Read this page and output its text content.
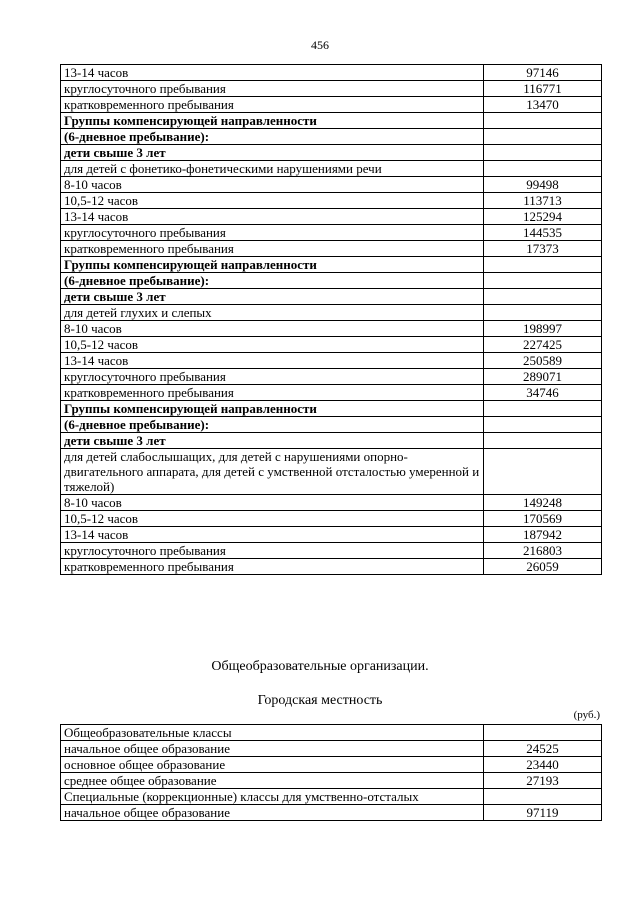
456
13-14 часов	97146
круглосуточного пребывания	116771
кратковременного пребывания	13470
Группы компенсирующей направленности	
(6-дневное пребывание):	
дети свыше 3 лет	
для детей с фонетико-фонетическими нарушениями речи	
8-10 часов	99498
10,5-12 часов	113713
13-14 часов	125294
круглосуточного пребывания	144535
кратковременного пребывания	17373
Группы компенсирующей направленности	
(6-дневное пребывание):	
дети свыше 3 лет	
для детей глухих и слепых	
8-10 часов	198997
10,5-12 часов	227425
13-14 часов	250589
круглосуточного пребывания	289071
кратковременного пребывания	34746
Группы компенсирующей направленности	
(6-дневное пребывание):	
дети свыше 3 лет	
для детей слабослышащих, для детей с нарушениями опорно-двигательного аппарата, для детей с умственной отсталостью умеренной и тяжелой)	
8-10 часов	149248
10,5-12 часов	170569
13-14 часов	187942
круглосуточного пребывания	216803
кратковременного пребывания	26059
Общеобразовательные организации.
Городская местность
(руб.)
Общеобразовательные классы	
начальное общее образование	24525
основное общее образование	23440
среднее общее образование	27193
Специальные (коррекционные) классы для умственно-отсталых	
начальное общее образование	97119
